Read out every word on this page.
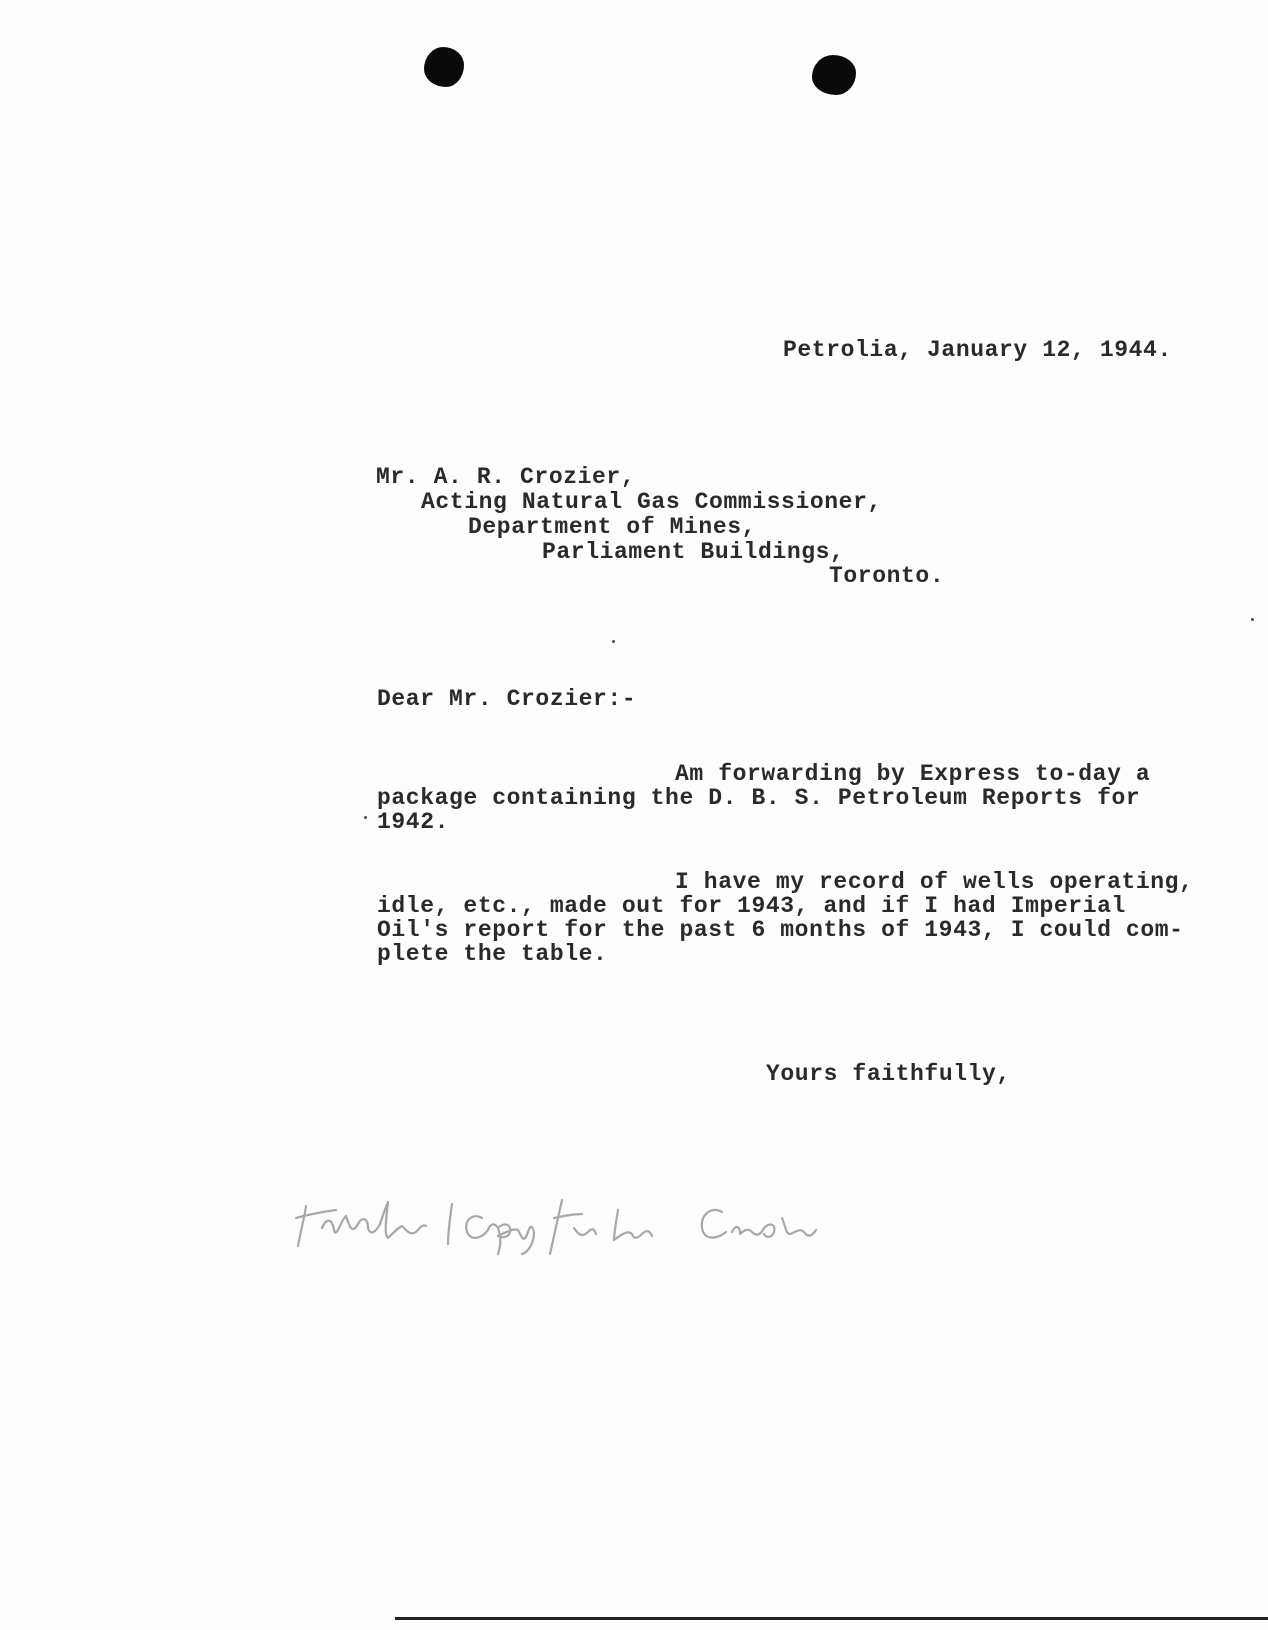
Petrolia, January 12, 1944.
Mr. A. R. Crozier,
Acting Natural Gas Commissioner,
Department of Mines,
Parliament Buildings,
Toronto.
Dear Mr. Crozier:-
Am forwarding by Express to-day a
package containing the D. B. S. Petroleum Reports for
1942.
I have my record of wells operating,
idle, etc., made out for 1943, and if I had Imperial
Oil's report for the past 6 months of 1943, I could com-
plete the table.
Yours faithfully,
